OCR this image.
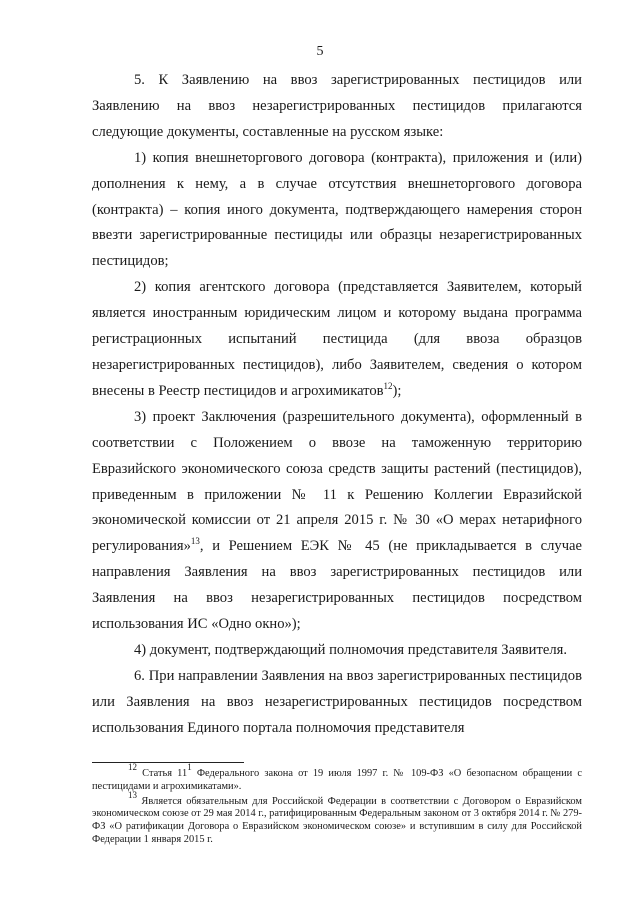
5

5. К Заявлению на ввоз зарегистрированных пестицидов или Заявлению на ввоз незарегистрированных пестицидов прилагаются следующие документы, составленные на русском языке:

1) копия внешнеторгового договора (контракта), приложения и (или) дополнения к нему, а в случае отсутствия внешнеторгового договора (контракта) – копия иного документа, подтверждающего намерения сторон ввезти зарегистрированные пестициды или образцы незарегистрированных пестицидов;

2) копия агентского договора (представляется Заявителем, который является иностранным юридическим лицом и которому выдана программа регистрационных испытаний пестицида (для ввоза образцов незарегистрированных пестицидов), либо Заявителем, сведения о котором внесены в Реестр пестицидов и агрохимикатов$^{12}$);

3) проект Заключения (разрешительного документа), оформленный в соответствии с Положением о ввозе на таможенную территорию Евразийского экономического союза средств защиты растений (пестицидов), приведенным в приложении № 11 к Решению Коллегии Евразийской экономической комиссии от 21 апреля 2015 г. № 30 «О мерах нетарифного регулирования»$^{13}$, и Решением ЕЭК № 45 (не прикладывается в случае направления Заявления на ввоз зарегистрированных пестицидов или Заявления на ввоз незарегистрированных пестицидов посредством использования ИС «Одно окно»);

4) документ, подтверждающий полномочия представителя Заявителя.

6. При направлении Заявления на ввоз зарегистрированных пестицидов или Заявления на ввоз незарегистрированных пестицидов посредством использования Единого портала полномочия представителя

$^{12}$ Статья $11^1$ Федерального закона от 19 июля 1997 г. № 109-ФЗ «О безопасном обращении с пестицидами и агрохимикатами».

$^{13}$ Является обязательным для Российской Федерации в соответствии с Договором о Евразийском экономическом союзе от 29 мая 2014 г., ратифицированным Федеральным законом от 3 октября 2014 г. № 279-ФЗ «О ратификации Договора о Евразийском экономическом союзе» и вступившим в силу для Российской Федерации 1 января 2015 г.
